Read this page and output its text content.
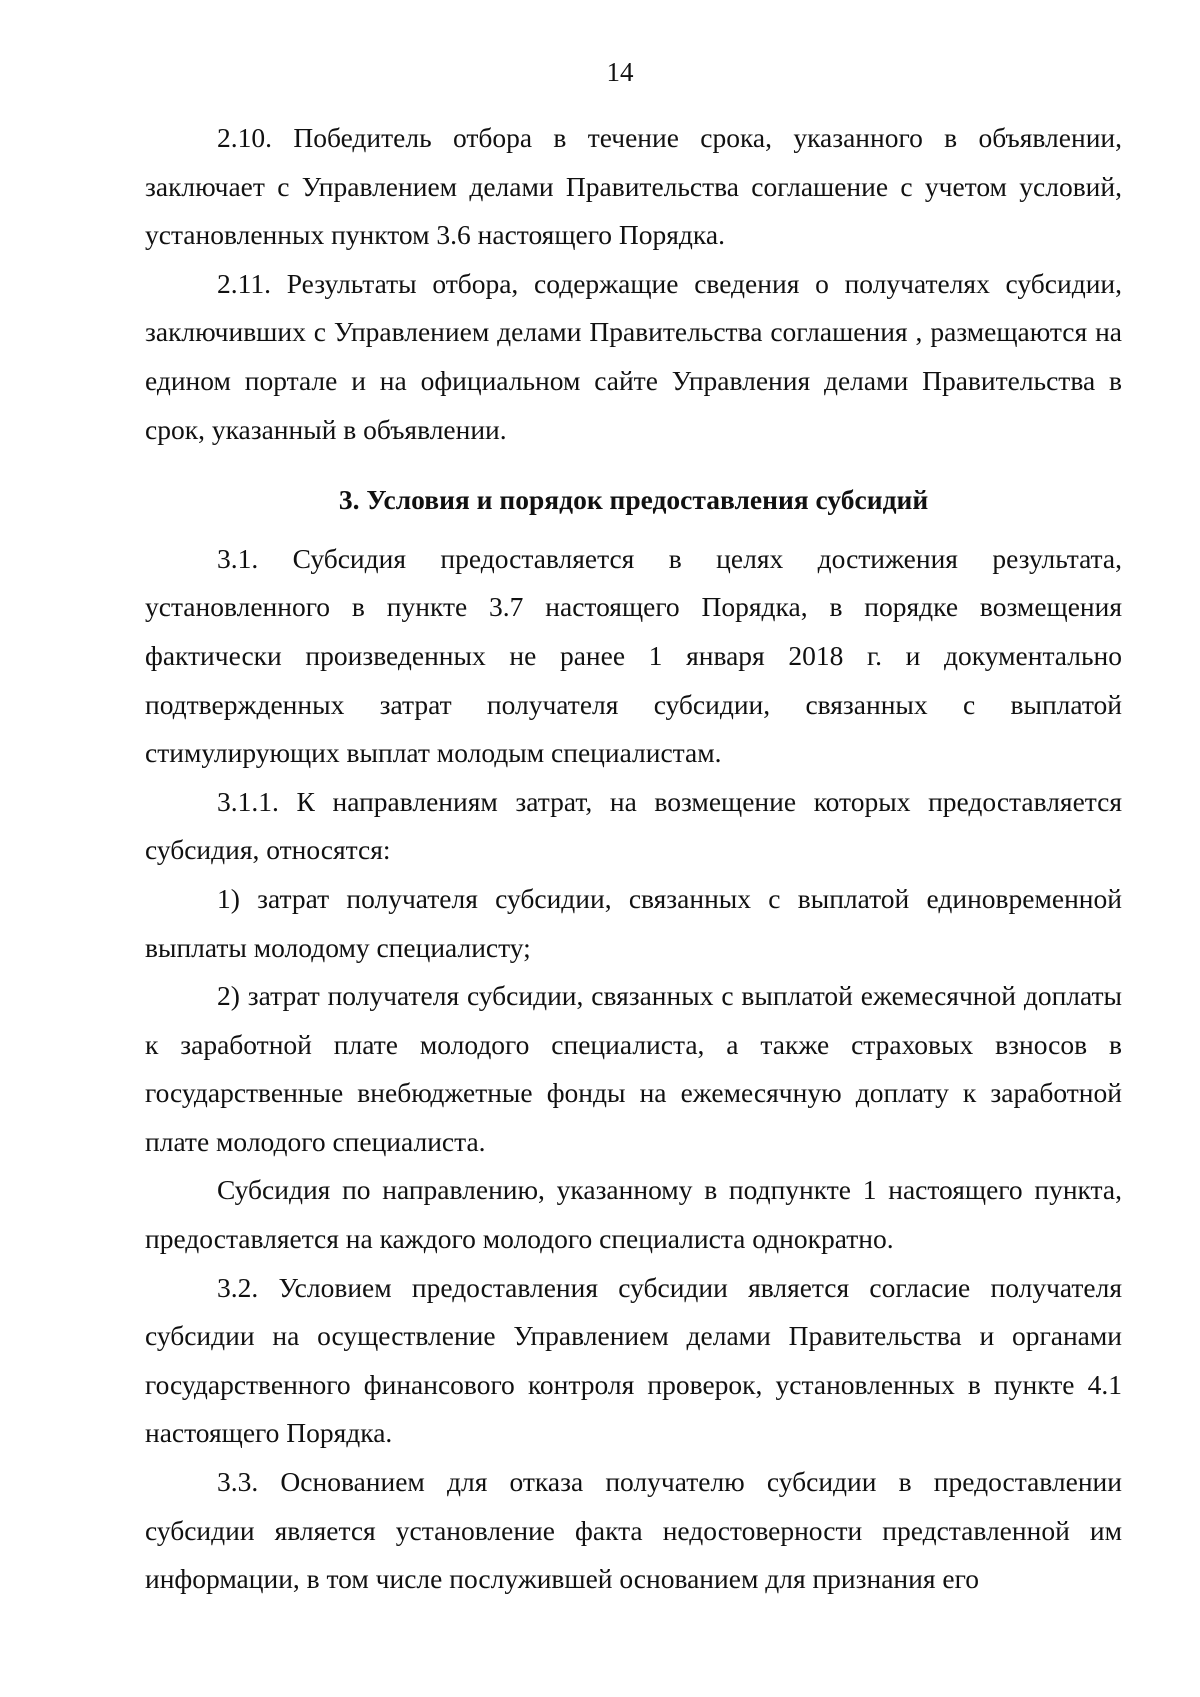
14

2.10. Победитель отбора в течение срока, указанного в объявлении, заключает с Управлением делами Правительства соглашение с учетом условий, установленных пунктом 3.6 настоящего Порядка.

2.11. Результаты отбора, содержащие сведения о получателях субсидии, заключивших с Управлением делами Правительства соглашения , размещаются на едином портале и на официальном сайте Управления делами Правительства в срок, указанный в объявлении.

3. Условия и порядок предоставления субсидий

3.1. Субсидия предоставляется в целях достижения результата, установленного в пункте 3.7 настоящего Порядка, в порядке возмещения фактически произведенных не ранее 1 января 2018 г. и документально подтвержденных затрат получателя субсидии, связанных с выплатой стимулирующих выплат молодым специалистам.

3.1.1. К направлениям затрат, на возмещение которых предоставляется субсидия, относятся:

1) затрат получателя субсидии, связанных с выплатой единовременной выплаты молодому специалисту;

2) затрат получателя субсидии, связанных с выплатой ежемесячной доплаты к заработной плате молодого специалиста, а также страховых взносов в государственные внебюджетные фонды на ежемесячную доплату к заработной плате молодого специалиста.

Субсидия по направлению, указанному в подпункте 1 настоящего пункта, предоставляется на каждого молодого специалиста однократно.

3.2. Условием предоставления субсидии является согласие получателя субсидии на осуществление Управлением делами Правительства и органами государственного финансового контроля проверок, установленных в пункте 4.1 настоящего Порядка.

3.3. Основанием для отказа получателю субсидии в предоставлении субсидии является установление факта недостоверности представленной им информации, в том числе послужившей основанием для признания его
